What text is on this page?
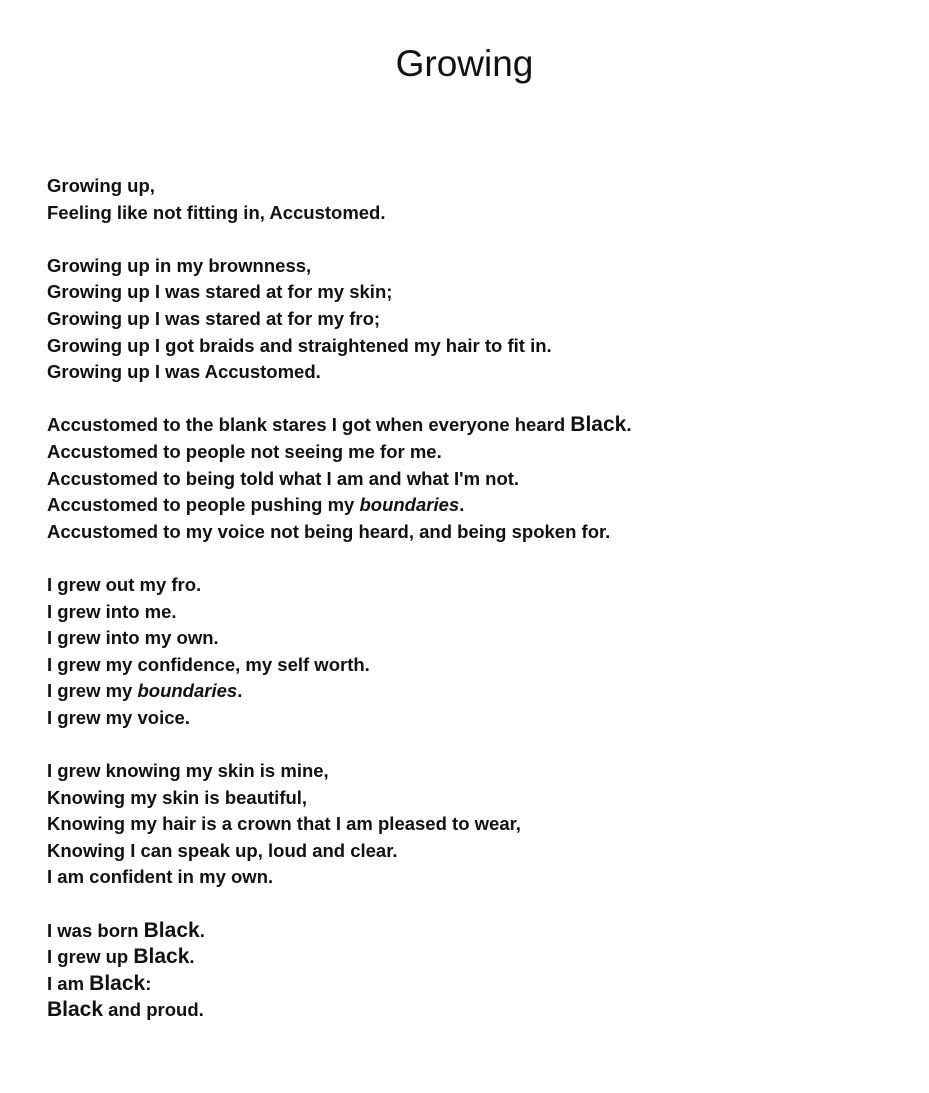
Growing
Growing up,
Feeling like not fitting in, Accustomed.
Growing up in my brownness,
Growing up I was stared at for my skin;
Growing up I was stared at for my fro;
Growing up I got braids and straightened my hair to fit in.
Growing up I was Accustomed.
Accustomed to the blank stares I got when everyone heard Black.
Accustomed to people not seeing me for me.
Accustomed to being told what I am and what I'm not.
Accustomed to people pushing my boundaries.
Accustomed to my voice not being heard, and being spoken for.
I grew out my fro.
I grew into me.
I grew into my own.
I grew my confidence, my self worth.
I grew my boundaries.
I grew my voice.
I grew knowing my skin is mine,
Knowing my skin is beautiful,
Knowing my hair is a crown that I am pleased to wear,
Knowing I can speak up, loud and clear.
I am confident in my own.
I was born Black.
I grew up Black.
I am Black:
Black and proud.
